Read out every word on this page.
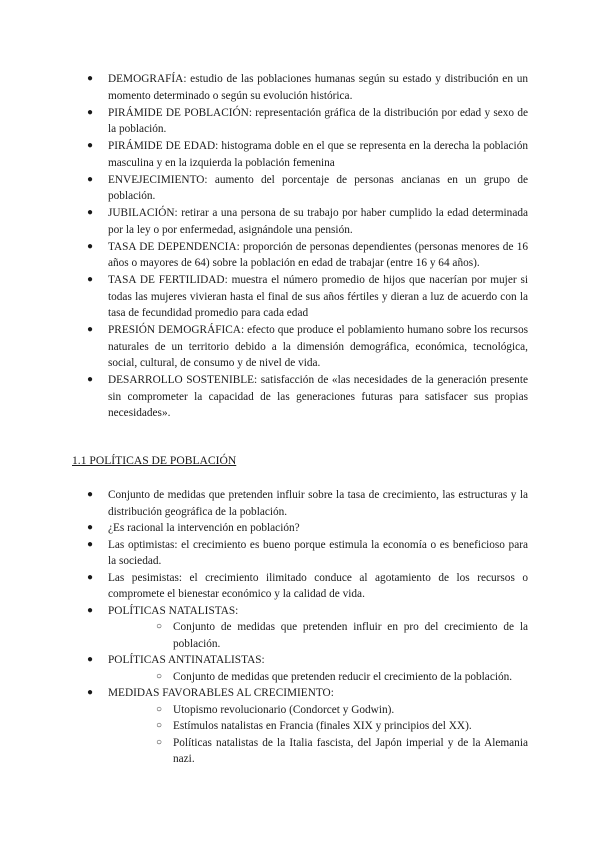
● DEMOGRAFÍA: estudio de las poblaciones humanas según su estado y distribución en un momento determinado o según su evolución histórica.
● PIRÁMIDE DE POBLACIÓN: representación gráfica de la distribución por edad y sexo de la población.
● PIRÁMIDE DE EDAD: histograma doble en el que se representa en la derecha la población masculina y en la izquierda la población femenina
● ENVEJECIMIENTO: aumento del porcentaje de personas ancianas en un grupo de población.
● JUBILACIÓN: retirar a una persona de su trabajo por haber cumplido la edad determinada por la ley o por enfermedad, asignándole una pensión.
● TASA DE DEPENDENCIA: proporción de personas dependientes (personas menores de 16 años o mayores de 64) sobre la población en edad de trabajar (entre 16 y 64 años).
● TASA DE FERTILIDAD: muestra el número promedio de hijos que nacerían por mujer si todas las mujeres vivieran hasta el final de sus años fértiles y dieran a luz de acuerdo con la tasa de fecundidad promedio para cada edad
● PRESIÓN DEMOGRÁFICA: efecto que produce el poblamiento humano sobre los recursos naturales de un territorio debido a la dimensión demográfica, económica, tecnológica, social, cultural, de consumo y de nivel de vida.
● DESARROLLO SOSTENIBLE: satisfacción de «las necesidades de la generación presente sin comprometer la capacidad de las generaciones futuras para satisfacer sus propias necesidades».
1.1 POLÍTICAS DE POBLACIÓN
● Conjunto de medidas que pretenden influir sobre la tasa de crecimiento, las estructuras y la distribución geográfica de la población.
● ¿Es racional la intervención en población?
● Las optimistas: el crecimiento es bueno porque estimula la economía o es beneficioso para la sociedad.
● Las pesimistas: el crecimiento ilimitado conduce al agotamiento de los recursos o compromete el bienestar económico y la calidad de vida.
● POLÍTICAS NATALISTAS:
○ Conjunto de medidas que pretenden influir en pro del crecimiento de la población.
● POLÍTICAS ANTINATALISTAS:
○ Conjunto de medidas que pretenden reducir el crecimiento de la población.
● MEDIDAS FAVORABLES AL CRECIMIENTO:
○ Utopismo revolucionario (Condorcet y Godwin).
○ Estímulos natalistas en Francia (finales XIX y principios del XX).
○ Políticas natalistas de la Italia fascista, del Japón imperial y de la Alemania nazi.
